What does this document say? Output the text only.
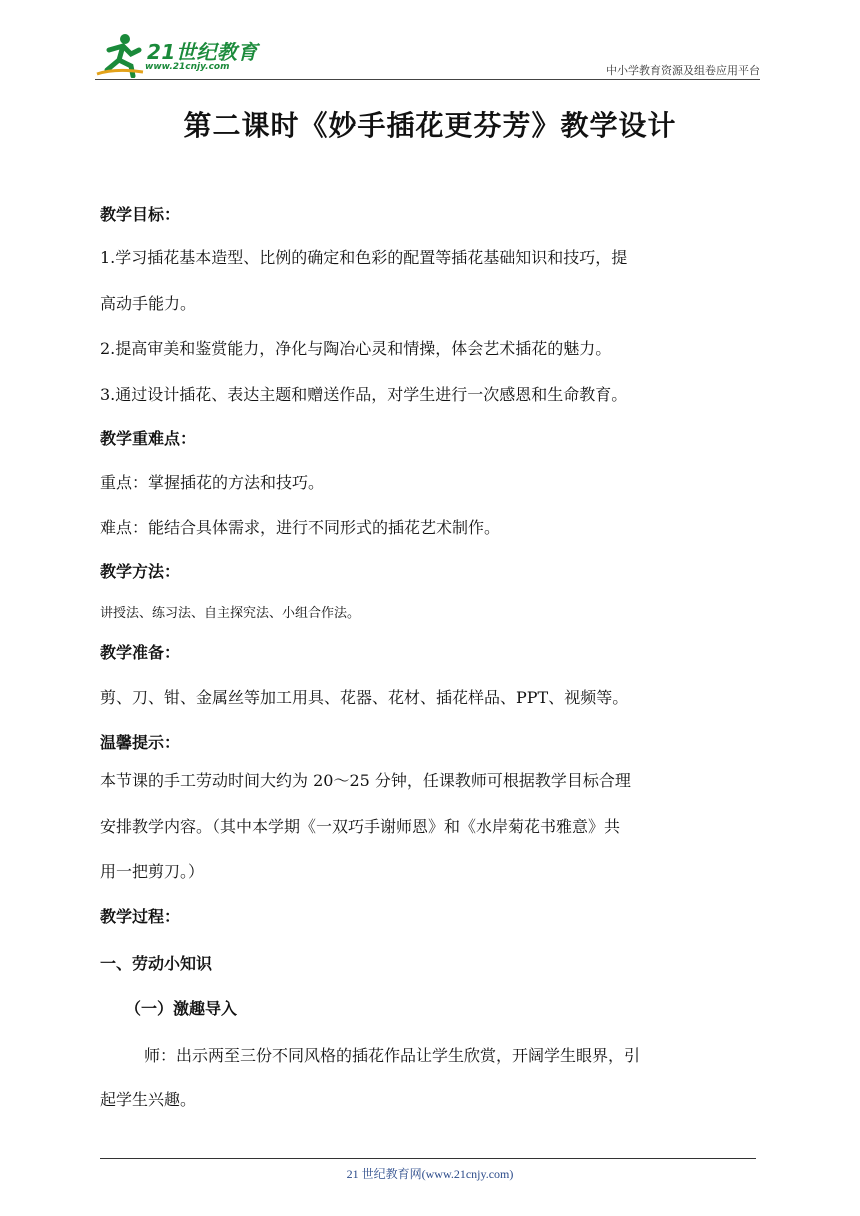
21世纪教育
www.21cnjy.com	中小学教育资源及组卷应用平台
第二课时《妙手插花更芬芳》教学设计
教学目标：
1.学习插花基本造型、比例的确定和色彩的配置等插花基础知识和技巧，提
高动手能力。
2.提高审美和鉴赏能力，净化与陶冶心灵和情操，体会艺术插花的魅力。
3.通过设计插花、表达主题和赠送作品，对学生进行一次感恩和生命教育。
教学重难点：
重点：掌握插花的方法和技巧。
难点：能结合具体需求，进行不同形式的插花艺术制作。
教学方法：
讲授法、练习法、自主探究法、小组合作法。
教学准备：
剪、刀、钳、金属丝等加工用具、花器、花材、插花样品、PPT、视频等。
温馨提示：
本节课的手工劳动时间大约为 20～25 分钟，任课教师可根据教学目标合理
安排教学内容。（其中本学期《一双巧手谢师恩》和《水岸菊花书雅意》共
用一把剪刀。）
教学过程：
一、劳动小知识
（一）激趣导入
师：出示两至三份不同风格的插花作品让学生欣赏，开阔学生眼界，引
起学生兴趣。
21 世纪教育网(www.21cnjy.com)
